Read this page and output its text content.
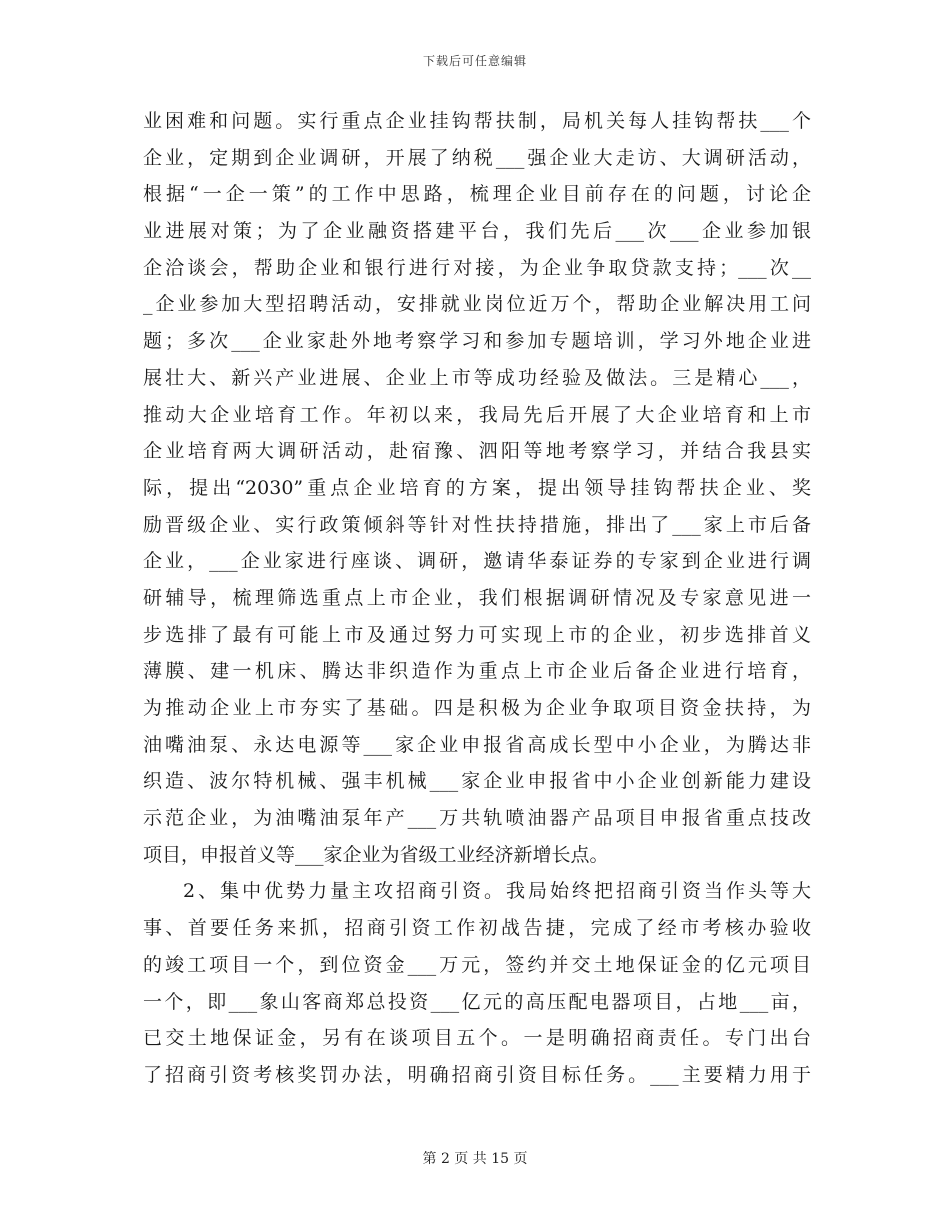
下载后可任意编辑
业困难和问题。实行重点企业挂钩帮扶制，局机关每人挂钩帮扶___个
企业，定期到企业调研，开展了纳税___强企业大走访、大调研活动，
根据“一企一策”的工作中思路，梳理企业目前存在的问题，讨论企
业进展对策；为了企业融资搭建平台，我们先后___次___企业参加银
企洽谈会，帮助企业和银行进行对接，为企业争取贷款支持；___次__
_企业参加大型招聘活动，安排就业岗位近万个，帮助企业解决用工问
题；多次___企业家赴外地考察学习和参加专题培训，学习外地企业进
展壮大、新兴产业进展、企业上市等成功经验及做法。三是精心___，
推动大企业培育工作。年初以来，我局先后开展了大企业培育和上市
企业培育两大调研活动，赴宿豫、泗阳等地考察学习，并结合我县实
际，提出“2030”重点企业培育的方案，提出领导挂钩帮扶企业、奖
励晋级企业、实行政策倾斜等针对性扶持措施，排出了___家上市后备
企业，___企业家进行座谈、调研，邀请华泰证券的专家到企业进行调
研辅导，梳理筛选重点上市企业，我们根据调研情况及专家意见进一
步选排了最有可能上市及通过努力可实现上市的企业，初步选排首义
薄膜、建一机床、腾达非织造作为重点上市企业后备企业进行培育，
为推动企业上市夯实了基础。四是积极为企业争取项目资金扶持，为
油嘴油泵、永达电源等___家企业申报省高成长型中小企业，为腾达非
织造、波尔特机械、强丰机械___家企业申报省中小企业创新能力建设
示范企业，为油嘴油泵年产___万共轨喷油器产品项目申报省重点技改
项目，申报首义等___家企业为省级工业经济新增长点。
2、集中优势力量主攻招商引资。我局始终把招商引资当作头等大
事、首要任务来抓，招商引资工作初战告捷，完成了经市考核办验收
的竣工项目一个，到位资金___万元，签约并交土地保证金的亿元项目
一个，即___象山客商郑总投资___亿元的高压配电器项目，占地___亩，
已交土地保证金，另有在谈项目五个。一是明确招商责任。专门出台
了招商引资考核奖罚办法，明确招商引资目标任务。___主要精力用于
第 2 页 共 15 页
